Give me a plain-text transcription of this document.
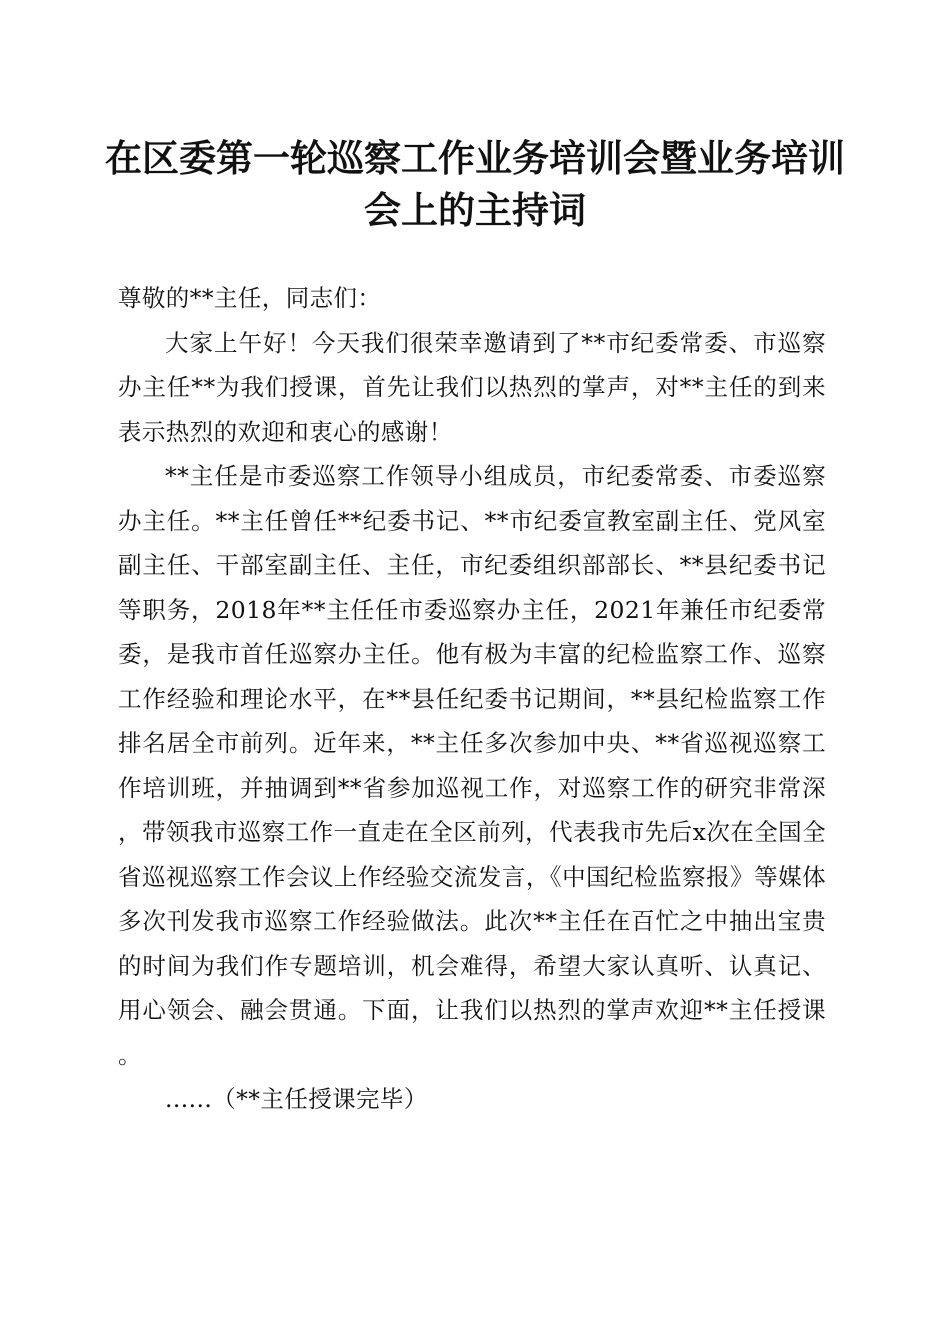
在区委第一轮巡察工作业务培训会暨业务培训
会上的主持词

尊敬的**主任，同志们：

大家上午好！今天我们很荣幸邀请到了**市纪委常委、市巡察办主任**为我们授课，首先让我们以热烈的掌声，对**主任的到来表示热烈的欢迎和衷心的感谢！

**主任是市委巡察工作领导小组成员，市纪委常委、市委巡察办主任。**主任曾任**纪委书记、**市纪委宣教室副主任、党风室副主任、干部室副主任、主任，市纪委组织部部长、**县纪委书记等职务，2018年**主任任市委巡察办主任，2021年兼任市纪委常委，是我市首任巡察办主任。他有极为丰富的纪检监察工作、巡察工作经验和理论水平，在**县任纪委书记期间，**县纪检监察工作排名居全市前列。近年来，**主任多次参加中央、**省巡视巡察工作培训班，并抽调到**省参加巡视工作，对巡察工作的研究非常深，带领我市巡察工作一直走在全区前列，代表我市先后x次在全国全省巡视巡察工作会议上作经验交流发言，《中国纪检监察报》等媒体多次刊发我市巡察工作经验做法。此次**主任在百忙之中抽出宝贵的时间为我们作专题培训，机会难得，希望大家认真听、认真记、用心领会、融会贯通。下面，让我们以热烈的掌声欢迎**主任授课。

......（**主任授课完毕）
